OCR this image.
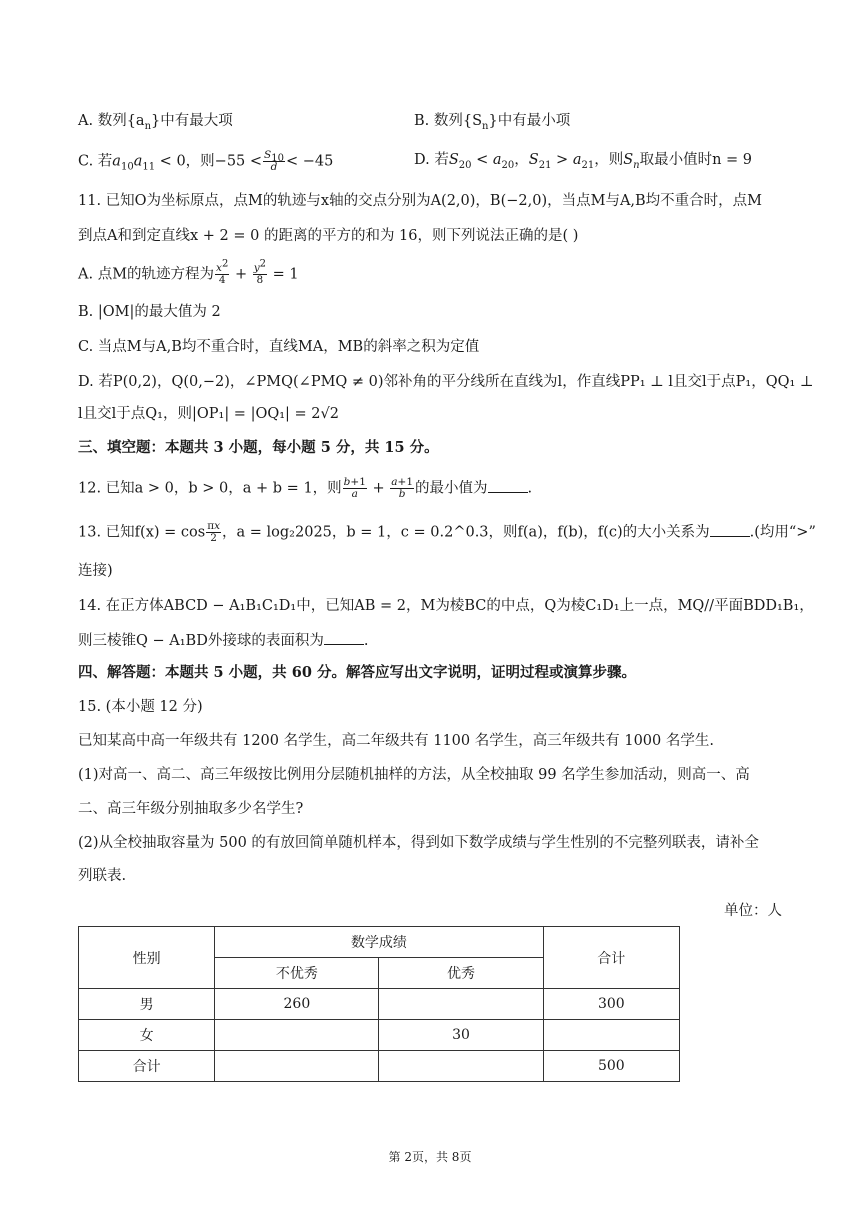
A. 数列$\{a_n\}$中有最大项	B. 数列$\{S_n\}$中有最小项
C. 若$a_{10}a_{11} < 0$，则$-55 < \frac{S_{10}}{d} < -45$	D. 若$S_{20} < a_{20}$，$S_{21} > a_{21}$，则$S_n$取最小值时n = 9
11. 已知O为坐标原点，点M的轨迹与x轴的交点分别为A(2,0)，B(−2,0)，当点M与A,B均不重合时，点M
到点A和到定直线x + 2 = 0 的距离的平方的和为 16，则下列说法正确的是( )
A. 点M的轨迹方程为 $\frac{x^2}{4} + \frac{y^2}{8} = 1$
B. |OM|的最大值为 2
C. 当点M与A,B均不重合时，直线MA，MB的斜率之积为定值
D. 若P(0,2)，Q(0,−2)，∠PMQ(∠PMQ ≠ 0)邻补角的平分线所在直线为l，作直线PP₁ ⊥ l且交l于点P₁，QQ₁ ⊥
l且交l于点Q₁，则|OP₁| = |OQ₁| = 2√2
三、填空题：本题共 3 小题，每小题 5 分，共 15 分。
12. 已知a > 0，b > 0，a + b = 1，则 $\frac{b+1}{a} + \frac{a+1}{b}$ 的最小值为	.
13. 已知$f(x) = \cos \frac{\pi x}{2}$ ，a = log₂2025，b = 1，c = 0.2^0.3，则f(a)，f(b)，f(c)的大小关系为	.(均用“>”
连接)
14. 在正方体ABCD − A₁B₁C₁D₁中，已知AB = 2，M为棱BC的中点，Q为棱C₁D₁上一点，MQ//平面BDD₁B₁，
则三棱锥Q − A₁BD外接球的表面积为	.
四、解答题：本题共 5 小题，共 60 分。解答应写出文字说明，证明过程或演算步骤。
15. (本小题 12 分)
已知某高中高一年级共有 1200 名学生，高二年级共有 1100 名学生，高三年级共有 1000 名学生.
(1)对高一、高二、高三年级按比例用分层随机抽样的方法，从全校抽取 99 名学生参加活动，则高一、高
二、高三年级分别抽取多少名学生?
(2)从全校抽取容量为 500 的有放回简单随机样本，得到如下数学成绩与学生性别的不完整列联表，请补全
列联表.
单位：人
性别	数学成绩		合计
	不优秀	优秀	
男	260		300
女		30	
合计			500
第 2页，共 8页
